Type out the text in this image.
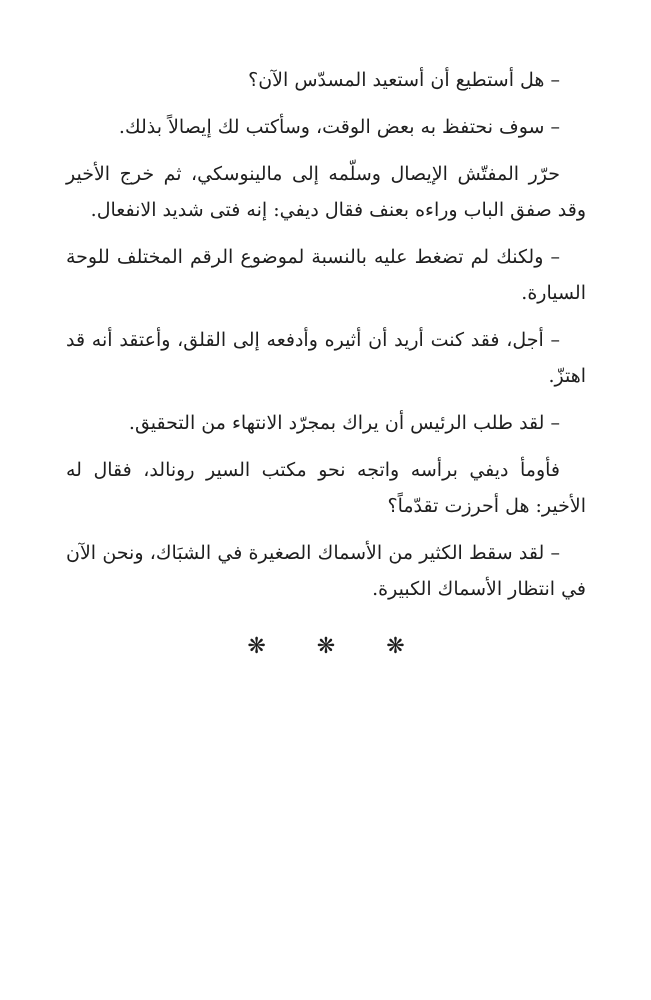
– هل أستطيع أن أستعيد المسدّس الآن؟

– سوف نحتفظ به بعض الوقت، وسأكتب لك إيصالاً بذلك.

حرّر المفتّش الإيصال وسلّمه إلى مالينوسكي، ثم خرج الأخير وقد صفق الباب وراءه بعنف فقال ديفي: إنه فتى شديد الانفعال.

– ولكنك لم تضغط عليه بالنسبة لموضوع الرقم المختلف للوحة السيارة.

– أجل، فقد كنت أريد أن أثيره وأدفعه إلى القلق، وأعتقد أنه قد اهتزّ.

– لقد طلب الرئيس أن يراك بمجرّد الانتهاء من التحقيق.

فأومأ ديفي برأسه واتجه نحو مكتب السير رونالد، فقال له الأخير: هل أحرزت تقدّماً؟

– لقد سقط الكثير من الأسماك الصغيرة في الشبَاك، ونحن الآن في انتظار الأسماك الكبيرة.

❋ ❋ ❋
